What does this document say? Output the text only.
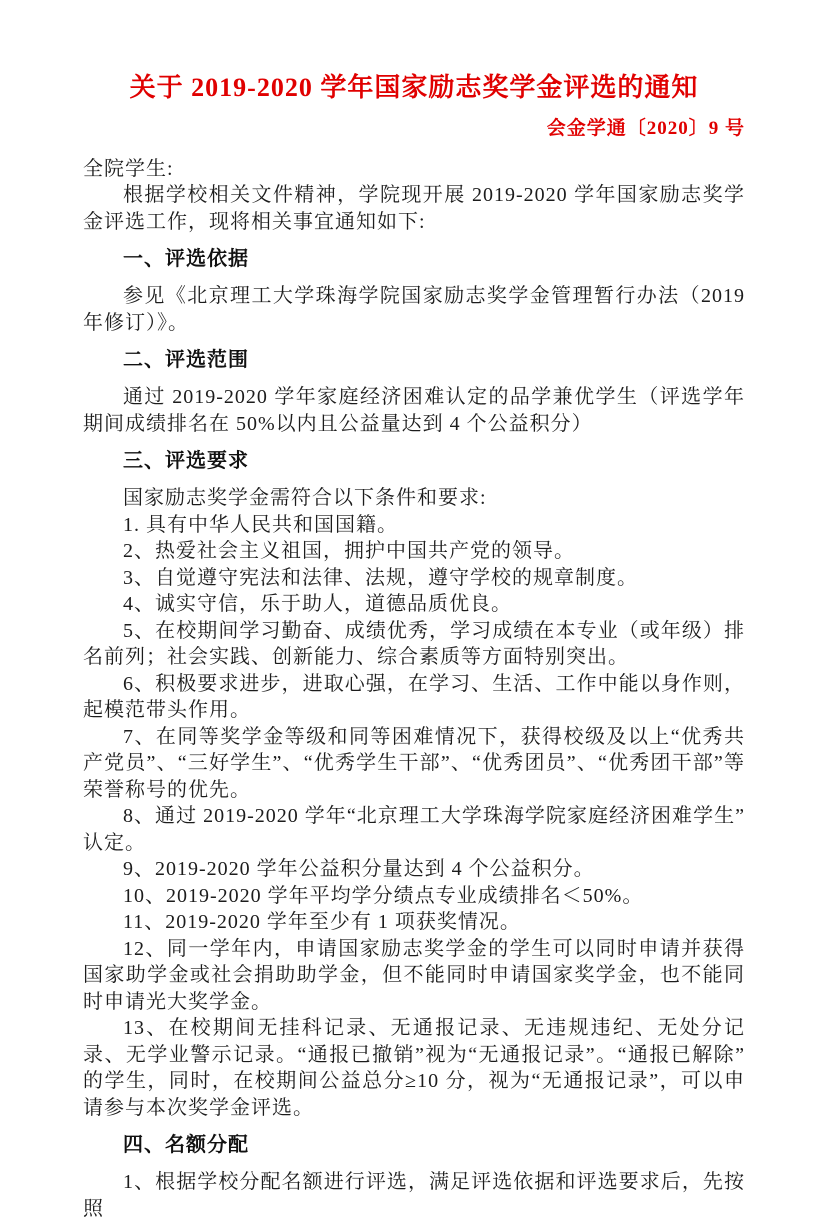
关于 2019-2020 学年国家励志奖学金评选的通知
会金学通〔2020〕9 号

全院学生:

根据学校相关文件精神，学院现开展 2019-2020 学年国家励志奖学金评选工作，现将相关事宜通知如下:

一、评选依据

参见《北京理工大学珠海学院国家励志奖学金管理暂行办法（2019 年修订）》。

二、评选范围

通过 2019-2020 学年家庭经济困难认定的品学兼优学生（评选学年期间成绩排名在 50%以内且公益量达到 4 个公益积分）

三、评选要求

国家励志奖学金需符合以下条件和要求:

1. 具有中华人民共和国国籍。

2、热爱社会主义祖国，拥护中国共产党的领导。

3、自觉遵守宪法和法律、法规，遵守学校的规章制度。

4、诚实守信，乐于助人，道德品质优良。

5、在校期间学习勤奋、成绩优秀，学习成绩在本专业（或年级）排名前列；社会实践、创新能力、综合素质等方面特别突出。

6、积极要求进步，进取心强，在学习、生活、工作中能以身作则，起模范带头作用。

7、在同等奖学金等级和同等困难情况下，获得校级及以上“优秀共产党员”、“三好学生”、“优秀学生干部”、“优秀团员”、“优秀团干部”等荣誉称号的优先。

8、通过 2019-2020 学年“北京理工大学珠海学院家庭经济困难学生”认定。

9、2019-2020 学年公益积分量达到 4 个公益积分。

10、2019-2020 学年平均学分绩点专业成绩排名＜50%。

11、2019-2020 学年至少有 1 项获奖情况。

12、同一学年内，申请国家励志奖学金的学生可以同时申请并获得国家助学金或社会捐助助学金，但不能同时申请国家奖学金，也不能同时申请光大奖学金。

13、在校期间无挂科记录、无通报记录、无违规违纪、无处分记录、无学业警示记录。“通报已撤销”视为“无通报记录”。“通报已解除”的学生，同时，在校期间公益总分≥10 分，视为“无通报记录”，可以申请参与本次奖学金评选。

四、名额分配

1、根据学校分配名额进行评选，满足评选依据和评选要求后，先按照
